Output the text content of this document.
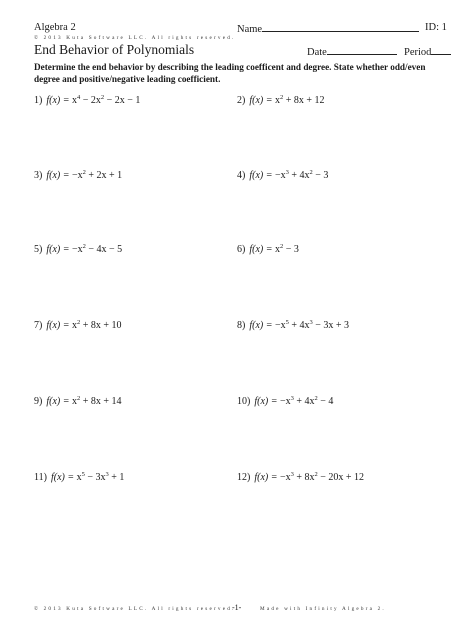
Algebra 2	Name	ID: 1
© 2013 Kuta Software LLC. All rights reserved.
End Behavior of Polynomials	Date	Period
Determine the end behavior by describing the leading coefficent and degree. State whether odd/even degree and positive/negative leading coefficient.
1) $f(x) = x^4 - 2x^2 - 2x - 1$	2) $f(x) = x^2 + 8x + 12$
3) $f(x) = -x^2 + 2x + 1$	4) $f(x) = -x^3 + 4x^2 - 3$
5) $f(x) = -x^2 - 4x - 5$	6) $f(x) = x^2 - 3$
7) $f(x) = x^2 + 8x + 10$	8) $f(x) = -x^5 + 4x^3 - 3x + 3$
9) $f(x) = x^2 + 8x + 14$	10) $f(x) = -x^3 + 4x^2 - 4$
11) $f(x) = x^5 - 3x^3 + 1$	12) $f(x) = -x^3 + 8x^2 - 20x + 12$
© 2013 Kuta Software LLC. All rights reserved.
-1-	Made with Infinity Algebra 2.
